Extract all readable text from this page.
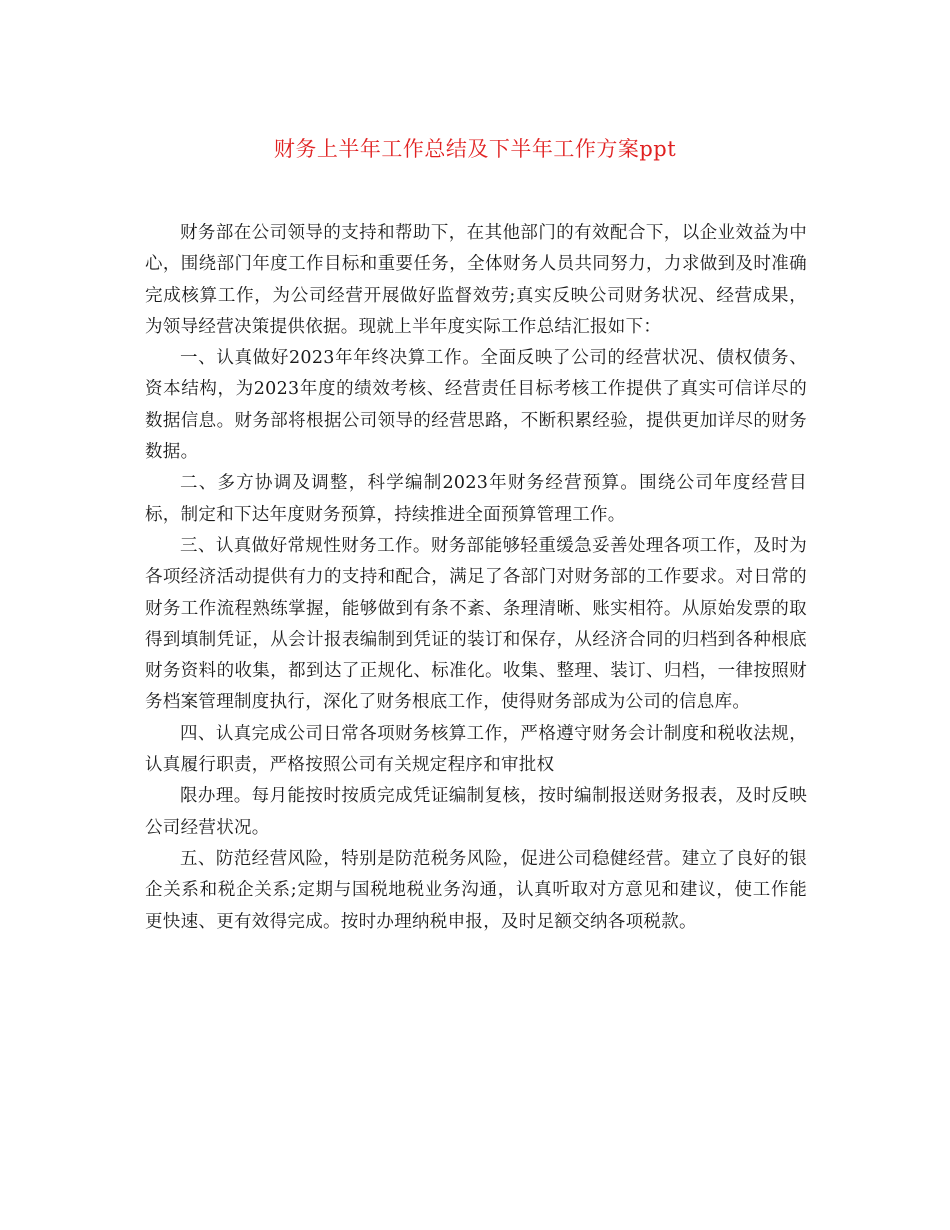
财务上半年工作总结及下半年工作方案ppt

财务部在公司领导的支持和帮助下，在其他部门的有效配合下，以企业效益为中心，围绕部门年度工作目标和重要任务，全体财务人员共同努力，力求做到及时准确完成核算工作，为公司经营开展做好监督效劳;真实反映公司财务状况、经营成果，为领导经营决策提供依据。现就上半年度实际工作总结汇报如下：

一、认真做好2023年年终决算工作。全面反映了公司的经营状况、债权债务、资本结构，为2023年度的绩效考核、经营责任目标考核工作提供了真实可信详尽的数据信息。财务部将根据公司领导的经营思路，不断积累经验，提供更加详尽的财务数据。

二、多方协调及调整，科学编制2023年财务经营预算。围绕公司年度经营目标，制定和下达年度财务预算，持续推进全面预算管理工作。

三、认真做好常规性财务工作。财务部能够轻重缓急妥善处理各项工作，及时为各项经济活动提供有力的支持和配合，满足了各部门对财务部的工作要求。对日常的财务工作流程熟练掌握，能够做到有条不紊、条理清晰、账实相符。从原始发票的取得到填制凭证，从会计报表编制到凭证的装订和保存，从经济合同的归档到各种根底财务资料的收集，都到达了正规化、标准化。收集、整理、装订、归档，一律按照财务档案管理制度执行，深化了财务根底工作，使得财务部成为公司的信息库。

四、认真完成公司日常各项财务核算工作，严格遵守财务会计制度和税收法规，认真履行职责，严格按照公司有关规定程序和审批权

限办理。每月能按时按质完成凭证编制复核，按时编制报送财务报表，及时反映公司经营状况。

五、防范经营风险，特别是防范税务风险，促进公司稳健经营。建立了良好的银企关系和税企关系;定期与国税地税业务沟通，认真听取对方意见和建议，使工作能更快速、更有效得完成。按时办理纳税申报，及时足额交纳各项税款。
